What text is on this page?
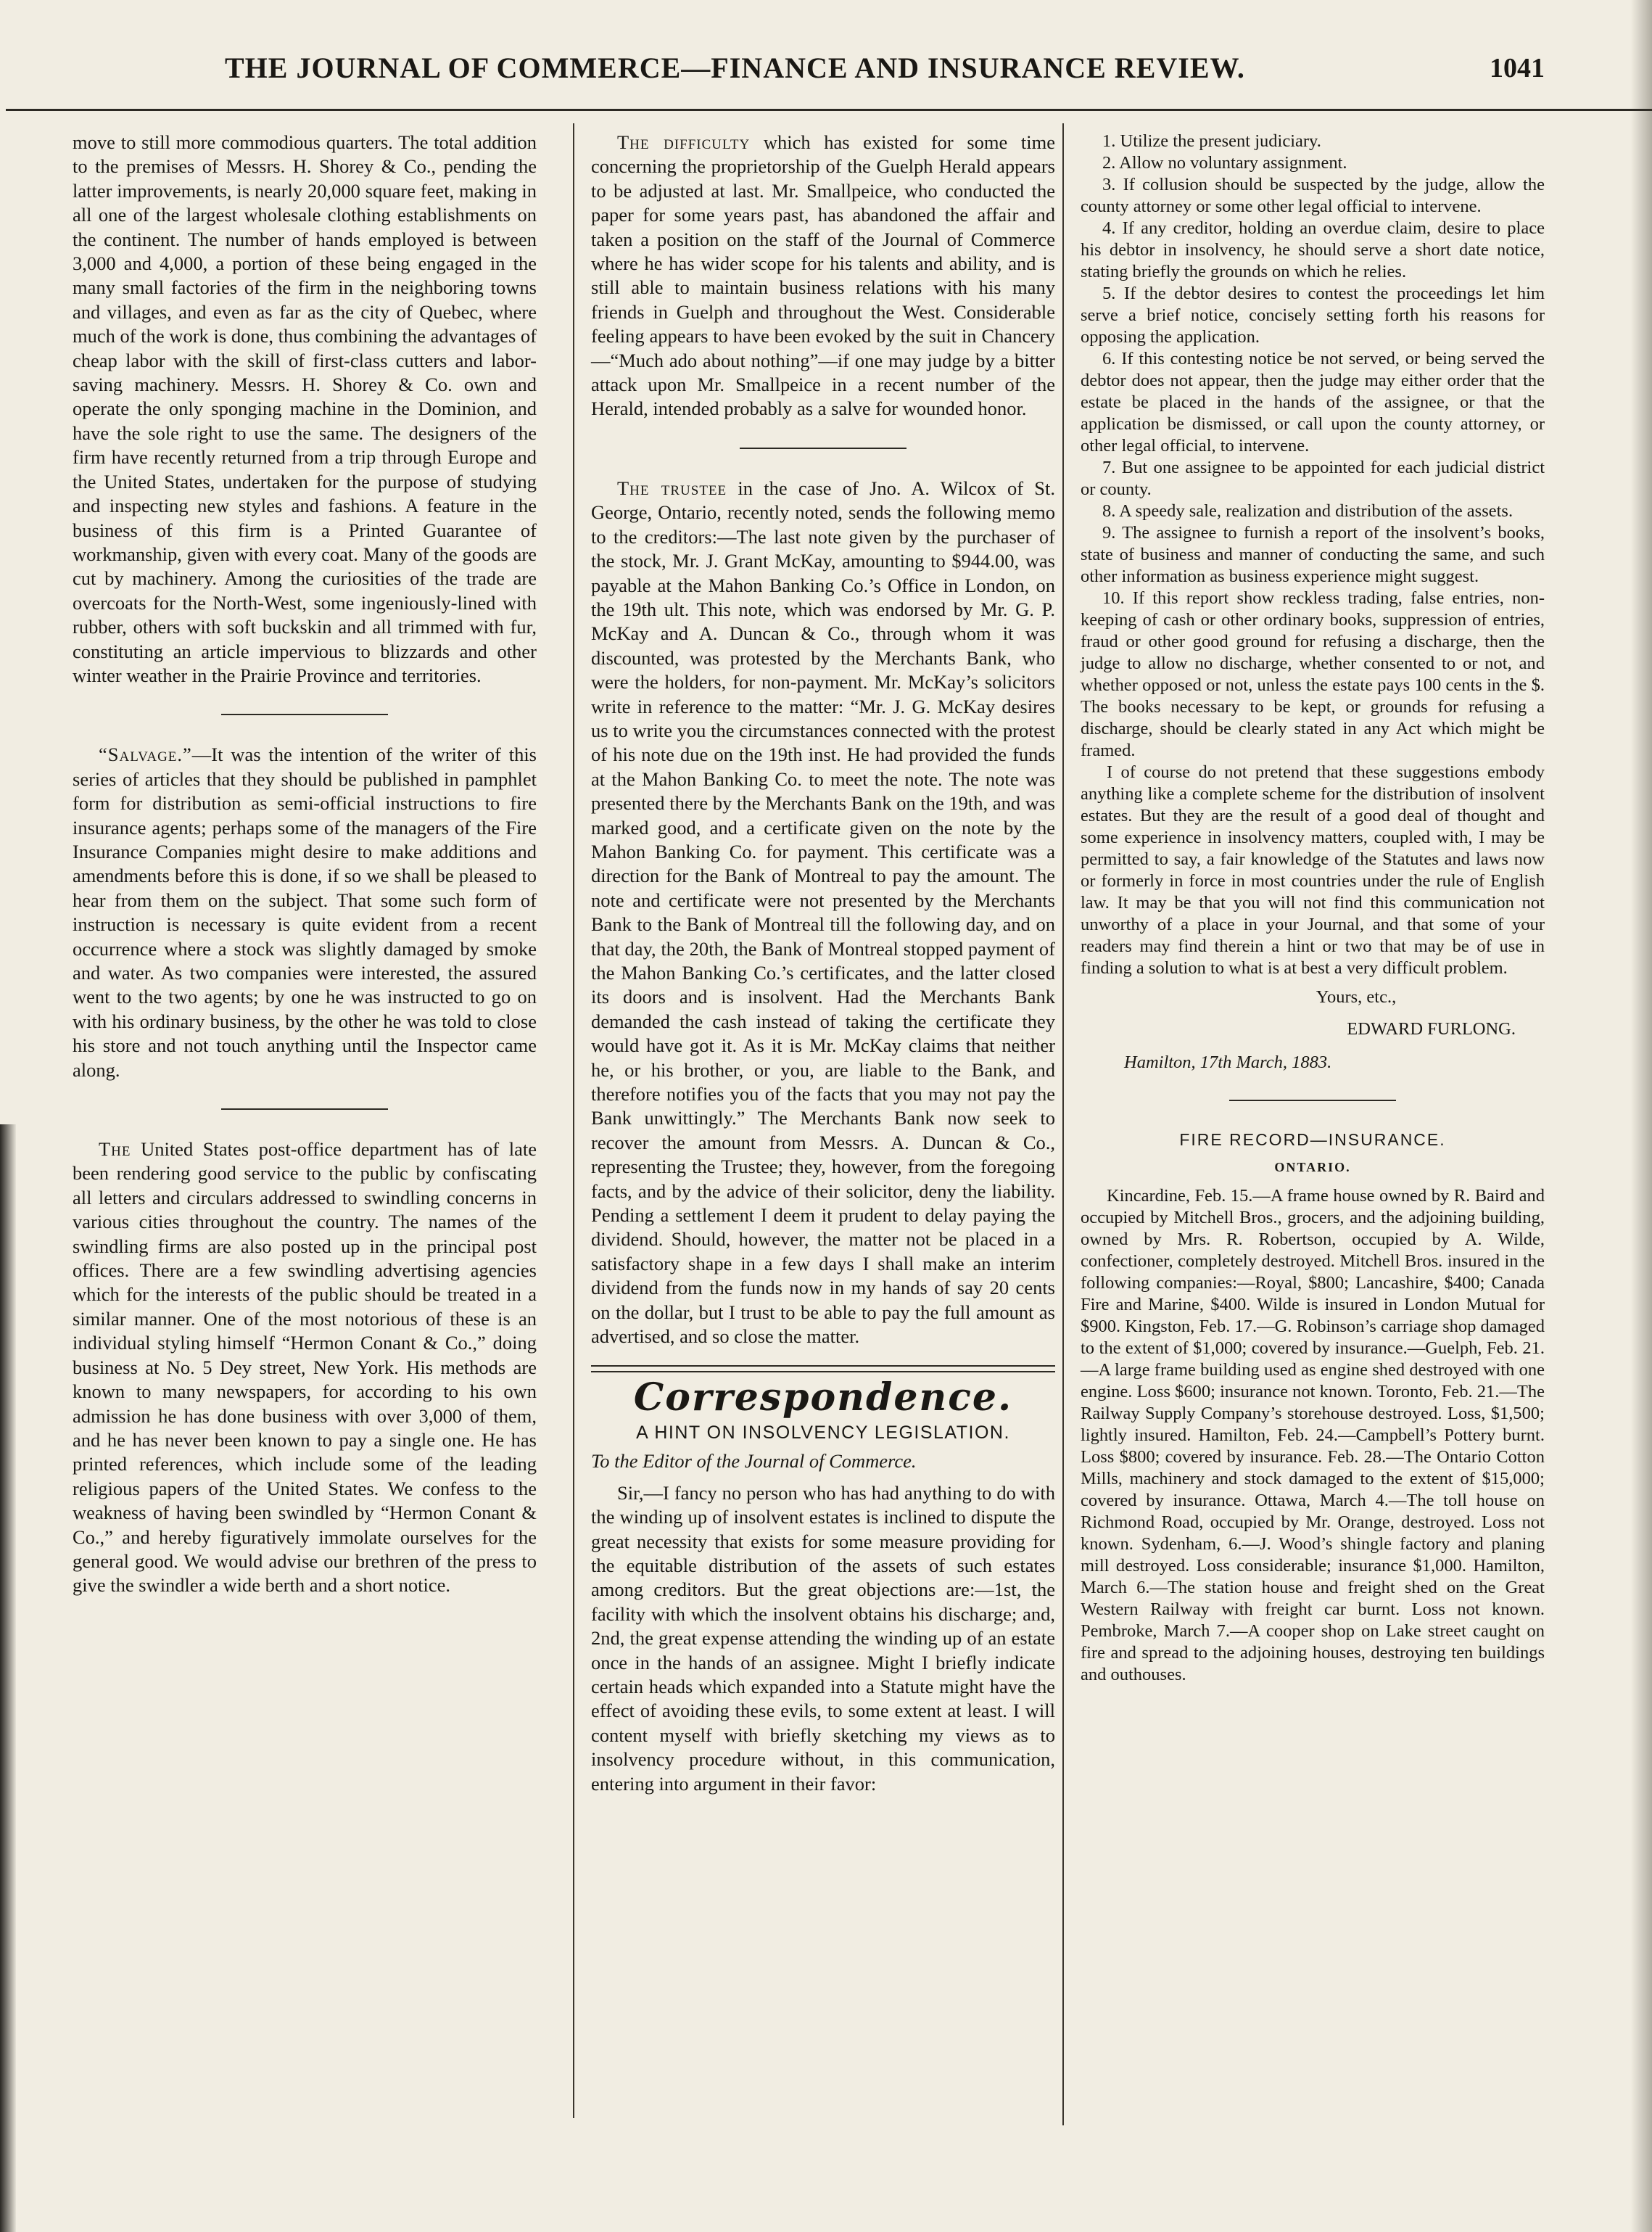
THE JOURNAL OF COMMERCE—FINANCE AND INSURANCE REVIEW.	1041

move to still more commodious quarters. The total addition to the premises of Messrs. H. Shorey & Co., pending the latter improvements, is nearly 20,000 square feet, making in all one of the largest wholesale clothing establishments on the continent. The number of hands employed is between 3,000 and 4,000, a portion of these being engaged in the many small factories of the firm in the neighboring towns and villages, and even as far as the city of Quebec, where much of the work is done, thus combining the advantages of cheap labor with the skill of first-class cutters and labor-saving machinery. Messrs. H. Shorey & Co. own and operate the only sponging machine in the Dominion, and have the sole right to use the same. The designers of the firm have recently returned from a trip through Europe and the United States, undertaken for the purpose of studying and inspecting new styles and fashions. A feature in the business of this firm is a Printed Guarantee of workmanship, given with every coat. Many of the goods are cut by machinery. Among the curiosities of the trade are overcoats for the North-West, some ingeniously-lined with rubber, others with soft buckskin and all trimmed with fur, constituting an article impervious to blizzards and other winter weather in the Prairie Province and territories.

“Salvage.”—It was the intention of the writer of this series of articles that they should be published in pamphlet form for distribution as semi-official instructions to fire insurance agents; perhaps some of the managers of the Fire Insurance Companies might desire to make additions and amendments before this is done, if so we shall be pleased to hear from them on the subject. That some such form of instruction is necessary is quite evident from a recent occurrence where a stock was slightly damaged by smoke and water. As two companies were interested, the assured went to the two agents; by one he was instructed to go on with his ordinary business, by the other he was told to close his store and not touch anything until the Inspector came along.

The United States post-office department has of late been rendering good service to the public by confiscating all letters and circulars addressed to swindling concerns in various cities throughout the country. The names of the swindling firms are also posted up in the principal post offices. There are a few swindling advertising agencies which for the interests of the public should be treated in a similar manner. One of the most notorious of these is an individual styling himself “Hermon Conant & Co.,” doing business at No. 5 Dey street, New York. His methods are known to many newspapers, for according to his own admission he has done business with over 3,000 of them, and he has never been known to pay a single one. He has printed references, which include some of the leading religious papers of the United States. We confess to the weakness of having been swindled by “Hermon Conant & Co.,” and hereby figuratively immolate ourselves for the general good. We would advise our brethren of the press to give the swindler a wide berth and a short notice.

The difficulty which has existed for some time concerning the proprietorship of the Guelph Herald appears to be adjusted at last. Mr. Smallpeice, who conducted the paper for some years past, has abandoned the affair and taken a position on the staff of the Journal of Commerce where he has wider scope for his talents and ability, and is still able to maintain business relations with his many friends in Guelph and throughout the West. Considerable feeling appears to have been evoked by the suit in Chancery—“Much ado about nothing”—if one may judge by a bitter attack upon Mr. Smallpeice in a recent number of the Herald, intended probably as a salve for wounded honor.

The trustee in the case of Jno. A. Wilcox of St. George, Ontario, recently noted, sends the following memo to the creditors:—The last note given by the purchaser of the stock, Mr. J. Grant McKay, amounting to $944.00, was payable at the Mahon Banking Co.’s Office in London, on the 19th ult. This note, which was endorsed by Mr. G. P. McKay and A. Duncan & Co., through whom it was discounted, was protested by the Merchants Bank, who were the holders, for non-payment. Mr. McKay’s solicitors write in reference to the matter: “Mr. J. G. McKay desires us to write you the circumstances connected with the protest of his note due on the 19th inst. He had provided the funds at the Mahon Banking Co. to meet the note. The note was presented there by the Merchants Bank on the 19th, and was marked good, and a certificate given on the note by the Mahon Banking Co. for payment. This certificate was a direction for the Bank of Montreal to pay the amount. The note and certificate were not presented by the Merchants Bank to the Bank of Montreal till the following day, and on that day, the 20th, the Bank of Montreal stopped payment of the Mahon Banking Co.’s certificates, and the latter closed its doors and is insolvent. Had the Merchants Bank demanded the cash instead of taking the certificate they would have got it. As it is Mr. McKay claims that neither he, or his brother, or you, are liable to the Bank, and therefore notifies you of the facts that you may not pay the Bank unwittingly.” The Merchants Bank now seek to recover the amount from Messrs. A. Duncan & Co., representing the Trustee; they, however, from the foregoing facts, and by the advice of their solicitor, deny the liability. Pending a settlement I deem it prudent to delay paying the dividend. Should, however, the matter not be placed in a satisfactory shape in a few days I shall make an interim dividend from the funds now in my hands of say 20 cents on the dollar, but I trust to be able to pay the full amount as advertised, and so close the matter.

Correspondence.
A HINT ON INSOLVENCY LEGISLATION.

To the Editor of the Journal of Commerce.

Sir,—I fancy no person who has had anything to do with the winding up of insolvent estates is inclined to dispute the great necessity that exists for some measure providing for the equitable distribution of the assets of such estates among creditors. But the great objections are:—1st, the facility with which the insolvent obtains his discharge; and, 2nd, the great expense attending the winding up of an estate once in the hands of an assignee. Might I briefly indicate certain heads which expanded into a Statute might have the effect of avoiding these evils, to some extent at least. I will content myself with briefly sketching my views as to insolvency procedure without, in this communication, entering into argument in their favor:

1. Utilize the present judiciary.

2. Allow no voluntary assignment.

3. If collusion should be suspected by the judge, allow the county attorney or some other legal official to intervene.

4. If any creditor, holding an overdue claim, desire to place his debtor in insolvency, he should serve a short date notice, stating briefly the grounds on which he relies.

5. If the debtor desires to contest the proceedings let him serve a brief notice, concisely setting forth his reasons for opposing the application.

6. If this contesting notice be not served, or being served the debtor does not appear, then the judge may either order that the estate be placed in the hands of the assignee, or that the application be dismissed, or call upon the county attorney, or other legal official, to intervene.

7. But one assignee to be appointed for each judicial district or county.

8. A speedy sale, realization and distribution of the assets.

9. The assignee to furnish a report of the insolvent’s books, state of business and manner of conducting the same, and such other information as business experience might suggest.

10. If this report show reckless trading, false entries, non-keeping of cash or other ordinary books, suppression of entries, fraud or other good ground for refusing a discharge, then the judge to allow no discharge, whether consented to or not, and whether opposed or not, unless the estate pays 100 cents in the $. The books necessary to be kept, or grounds for refusing a discharge, should be clearly stated in any Act which might be framed.

I of course do not pretend that these suggestions embody anything like a complete scheme for the distribution of insolvent estates. But they are the result of a good deal of thought and some experience in insolvency matters, coupled with, I may be permitted to say, a fair knowledge of the Statutes and laws now or formerly in force in most countries under the rule of English law. It may be that you will not find this communication not unworthy of a place in your Journal, and that some of your readers may find therein a hint or two that may be of use in finding a solution to what is at best a very difficult problem.

Yours, etc.,

EDWARD FURLONG.

Hamilton, 17th March, 1883.

FIRE RECORD—INSURANCE.
ONTARIO.

Kincardine, Feb. 15.—A frame house owned by R. Baird and occupied by Mitchell Bros., grocers, and the adjoining building, owned by Mrs. R. Robertson, occupied by A. Wilde, confectioner, completely destroyed. Mitchell Bros. insured in the following companies:—Royal, $800; Lancashire, $400; Canada Fire and Marine, $400. Wilde is insured in London Mutual for $900. Kingston, Feb. 17.—G. Robinson’s carriage shop damaged to the extent of $1,000; covered by insurance.—Guelph, Feb. 21.—A large frame building used as engine shed destroyed with one engine. Loss $600; insurance not known. Toronto, Feb. 21.—The Railway Supply Company’s storehouse destroyed. Loss, $1,500; lightly insured. Hamilton, Feb. 24.—Campbell’s Pottery burnt. Loss $800; covered by insurance. Feb. 28.—The Ontario Cotton Mills, machinery and stock damaged to the extent of $15,000; covered by insurance. Ottawa, March 4.—The toll house on Richmond Road, occupied by Mr. Orange, destroyed. Loss not known. Sydenham, 6.—J. Wood’s shingle factory and planing mill destroyed. Loss considerable; insurance $1,000. Hamilton, March 6.—The station house and freight shed on the Great Western Railway with freight car burnt. Loss not known. Pembroke, March 7.—A cooper shop on Lake street caught on fire and spread to the adjoining houses, destroying ten buildings and outhouses.
